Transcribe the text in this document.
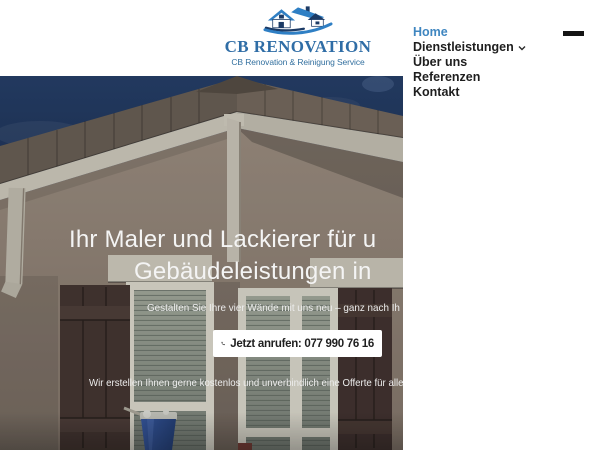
CB RENOVATION
CB Renovation & Reinigung Service
Home
Dienstleistungen
Über uns
Referenzen
Kontakt
Ihr Maler und Lackierer für u
Gebäudeleistungen in

Gestalten Sie Ihre vier Wände mit uns neu – ganz nach Ih

Jetzt anrufen: 077 990 76 16

Wir erstellen Ihnen gerne kostenlos und unverbindlich eine Offerte für alle
